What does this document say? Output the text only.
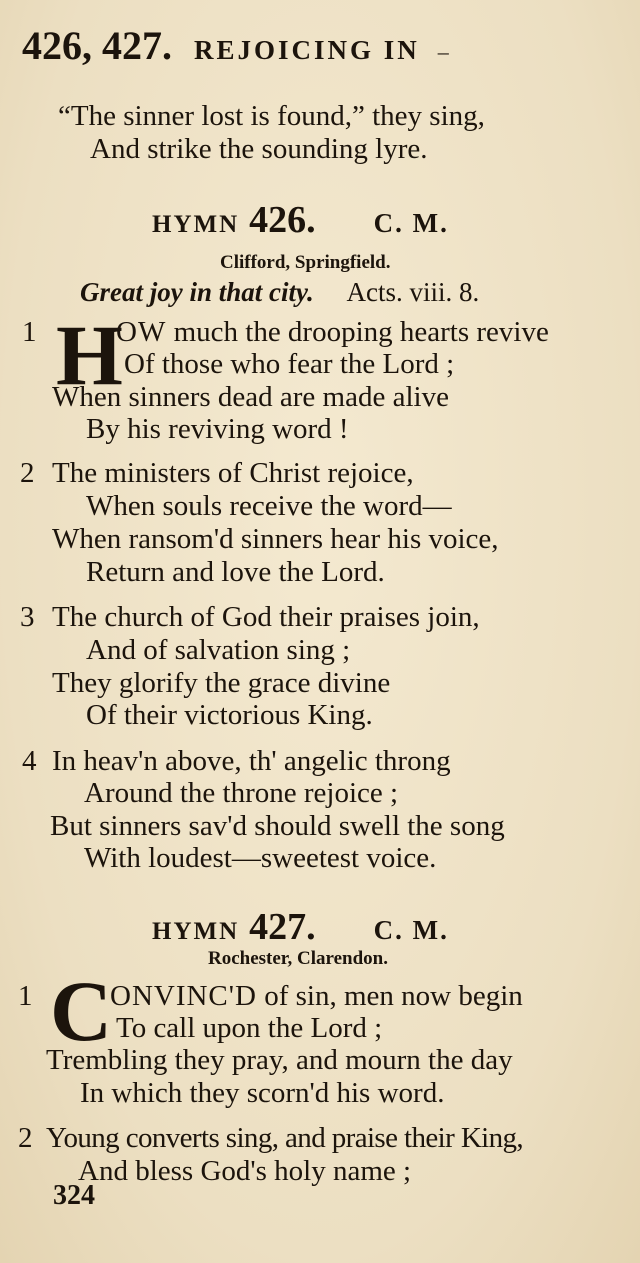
426, 427. REJOICING IN –
“The sinner lost is found,” they sing,
And strike the sounding lyre.
HYMN 426. C. M.
Clifford, Springfield.
Great joy in that city. Acts. viii. 8.
1 H
OW much the drooping hearts revive
Of those who fear the Lord ;
When sinners dead are made alive
By his reviving word !
2 The ministers of Christ rejoice,
When souls receive the word—
When ransom'd sinners hear his voice,
Return and love the Lord.
3 The church of God their praises join,
And of salvation sing ;
They glorify the grace divine
Of their victorious King.
4 In heav'n above, th' angelic throng
Around the throne rejoice ;
But sinners sav'd should swell the song
With loudest—sweetest voice.
HYMN 427. C. M.
Rochester, Clarendon.
1 C
ONVINC'D of sin, men now begin
To call upon the Lord ;
Trembling they pray, and mourn the day
In which they scorn'd his word.
2 Young converts sing, and praise their King,
And bless God's holy name ;
324
